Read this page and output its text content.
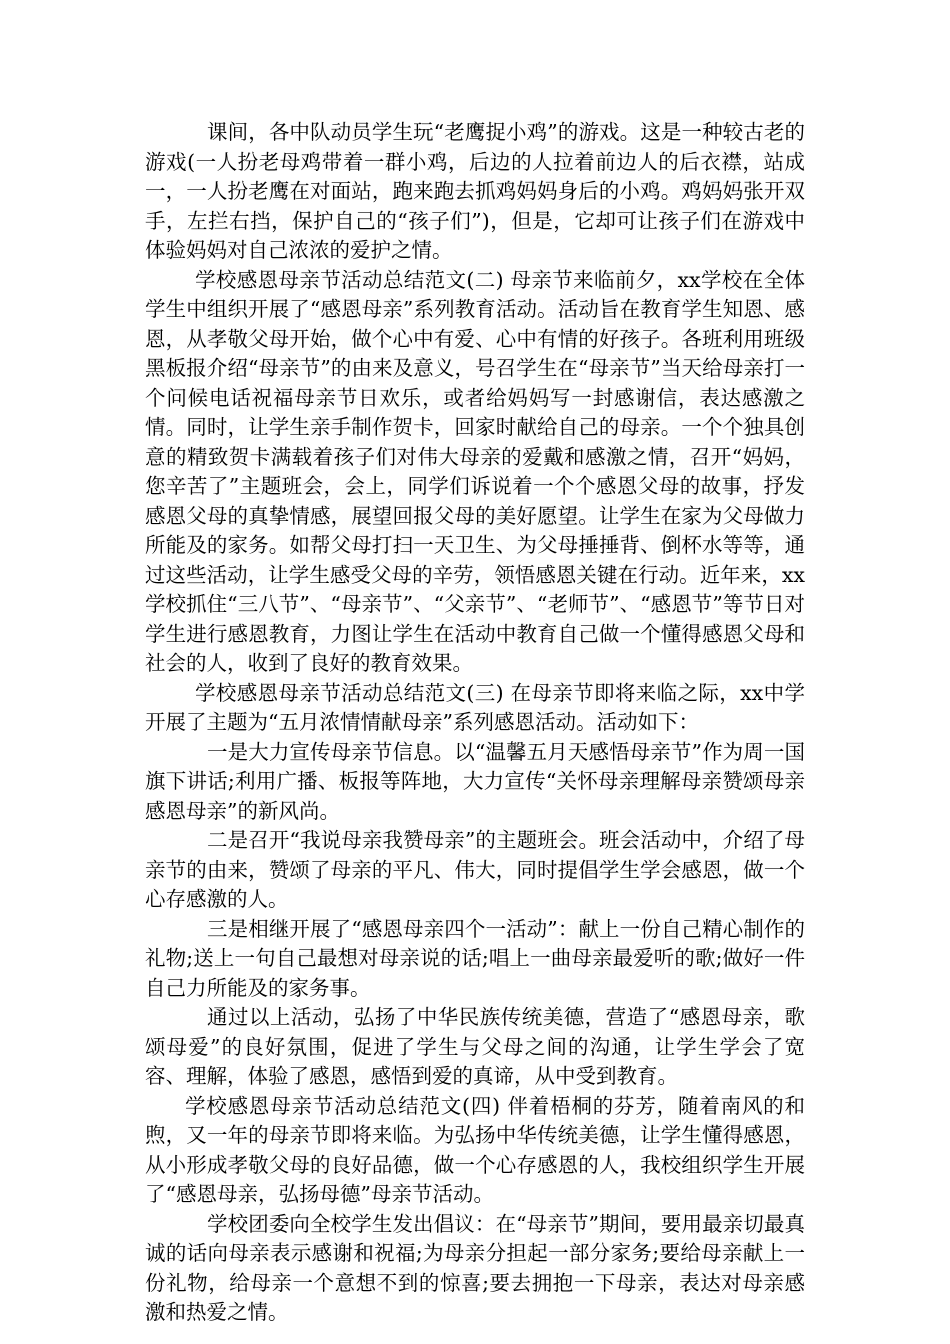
课间，各中队动员学生玩“老鹰捉小鸡”的游戏。这是一种较古老的游戏(一人扮老母鸡带着一群小鸡，后边的人拉着前边人的后衣襟，站成一，一人扮老鹰在对面站，跑来跑去抓鸡妈妈身后的小鸡。鸡妈妈张开双手，左拦右挡，保护自己的“孩子们”)，但是，它却可让孩子们在游戏中体验妈妈对自己浓浓的爱护之情。

学校感恩母亲节活动总结范文(二) 母亲节来临前夕，xx学校在全体学生中组织开展了“感恩母亲”系列教育活动。活动旨在教育学生知恩、感恩，从孝敬父母开始，做个心中有爱、心中有情的好孩子。各班利用班级黑板报介绍“母亲节”的由来及意义，号召学生在“母亲节”当天给母亲打一个问候电话祝福母亲节日欢乐，或者给妈妈写一封感谢信，表达感激之情。同时，让学生亲手制作贺卡，回家时献给自己的母亲。一个个独具创意的精致贺卡满载着孩子们对伟大母亲的爱戴和感激之情，召开“妈妈，您辛苦了”主题班会，会上，同学们诉说着一个个感恩父母的故事，抒发感恩父母的真挚情感，展望回报父母的美好愿望。让学生在家为父母做力所能及的家务。如帮父母打扫一天卫生、为父母捶捶背、倒杯水等等，通过这些活动，让学生感受父母的辛劳，领悟感恩关键在行动。近年来，xx学校抓住“三八节”、“母亲节”、“父亲节”、“老师节”、“感恩节”等节日对学生进行感恩教育，力图让学生在活动中教育自己做一个懂得感恩父母和社会的人，收到了良好的教育效果。

学校感恩母亲节活动总结范文(三) 在母亲节即将来临之际，xx中学开展了主题为“五月浓情情献母亲”系列感恩活动。活动如下：

一是大力宣传母亲节信息。以“温馨五月天感悟母亲节”作为周一国旗下讲话;利用广播、板报等阵地，大力宣传“关怀母亲理解母亲赞颂母亲感恩母亲”的新风尚。

二是召开“我说母亲我赞母亲”的主题班会。班会活动中，介绍了母亲节的由来，赞颂了母亲的平凡、伟大，同时提倡学生学会感恩，做一个心存感激的人。

三是相继开展了“感恩母亲四个一活动”：献上一份自己精心制作的礼物;送上一句自己最想对母亲说的话;唱上一曲母亲最爱听的歌;做好一件自己力所能及的家务事。

通过以上活动，弘扬了中华民族传统美德，营造了“感恩母亲，歌颂母爱”的良好氛围，促进了学生与父母之间的沟通，让学生学会了宽容、理解，体验了感恩，感悟到爱的真谛，从中受到教育。

学校感恩母亲节活动总结范文(四) 伴着梧桐的芬芳，随着南风的和煦，又一年的母亲节即将来临。为弘扬中华传统美德，让学生懂得感恩，从小形成孝敬父母的良好品德，做一个心存感恩的人，我校组织学生开展了“感恩母亲，弘扬母德”母亲节活动。

学校团委向全校学生发出倡议：在“母亲节”期间，要用最亲切最真诚的话向母亲表示感谢和祝福;为母亲分担起一部分家务;要给母亲献上一份礼物，给母亲一个意想不到的惊喜;要去拥抱一下母亲，表达对母亲感激和热爱之情。
